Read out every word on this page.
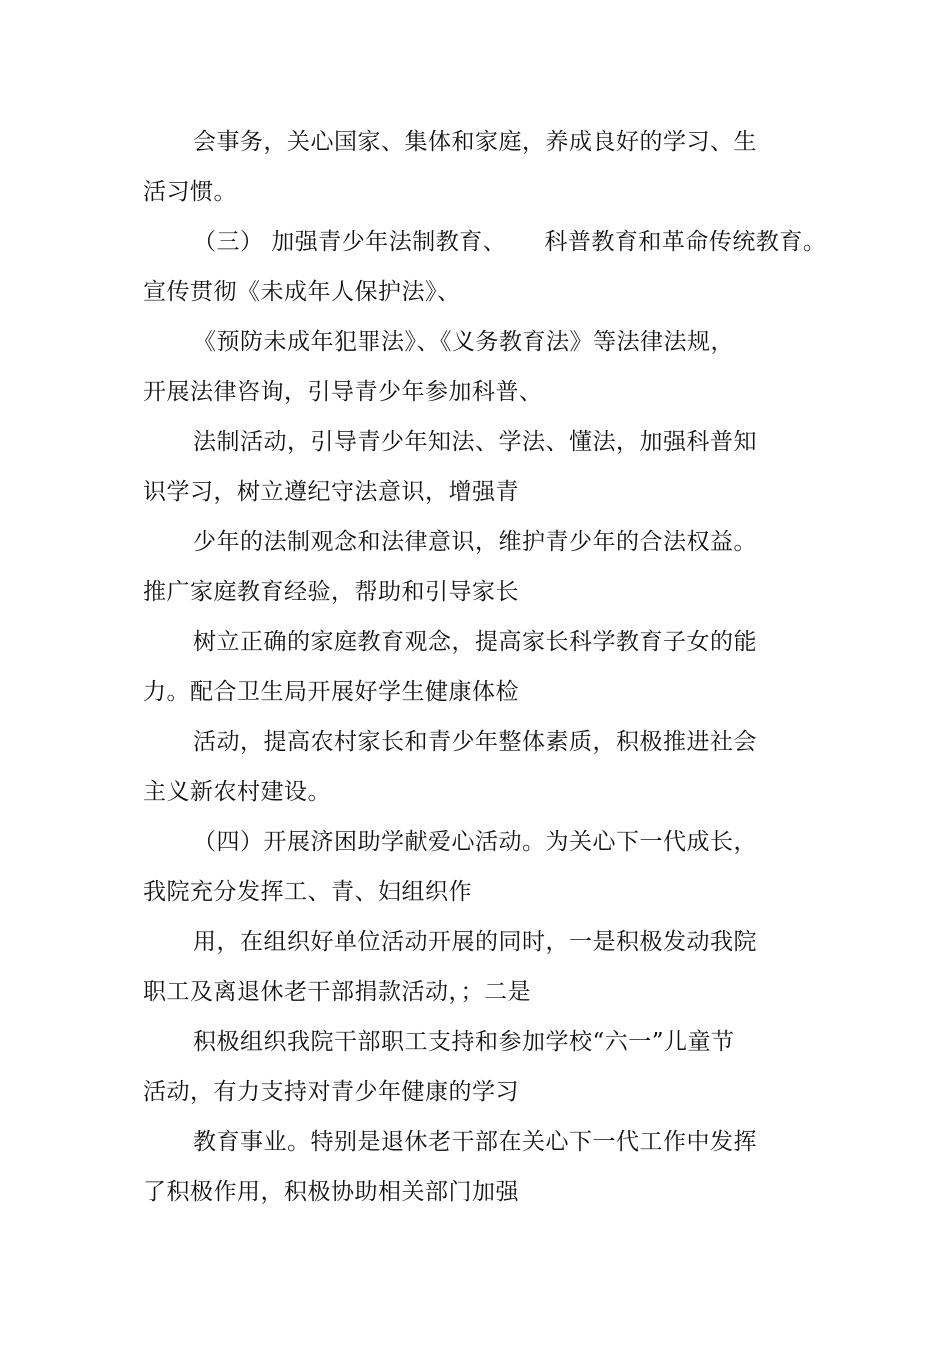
会事务，关心国家、集体和家庭，养成良好的学习、生
活习惯。
（三） 加强青少年法制教育、 科普教育和革命传统教育。
宣传贯彻《未成年人保护法》、
《预防未成年犯罪法》、《义务教育法》等法律法规，
开展法律咨询，引导青少年参加科普、
法制活动，引导青少年知法、学法、懂法，加强科普知
识学习，树立遵纪守法意识，增强青
少年的法制观念和法律意识，维护青少年的合法权益。
推广家庭教育经验，帮助和引导家长
树立正确的家庭教育观念，提高家长科学教育子女的能
力。配合卫生局开展好学生健康体检
活动，提高农村家长和青少年整体素质，积极推进社会
主义新农村建设。
（四）开展济困助学献爱心活动。为关心下一代成长，
我院充分发挥工、青、妇组织作
用，在组织好单位活动开展的同时，一是积极发动我院
职工及离退休老干部捐款活动，；二是
积极组织我院干部职工支持和参加学校“六一”儿童节
活动，有力支持对青少年健康的学习
教育事业。特别是退休老干部在关心下一代工作中发挥
了积极作用，积极协助相关部门加强
